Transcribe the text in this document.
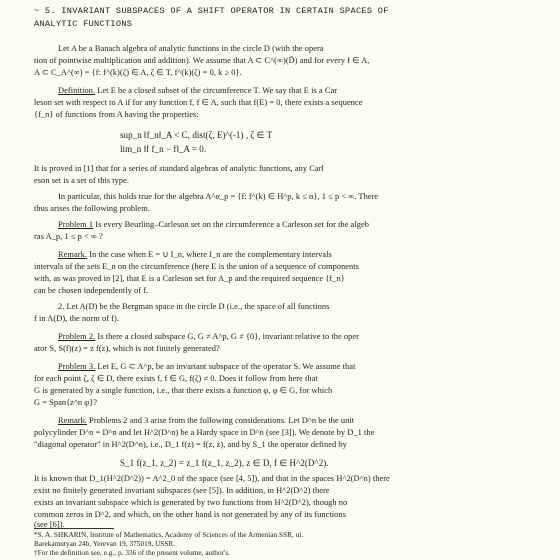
~ 5. INVARIANT SUBSPACES OF A SHIFT OPERATOR IN CERTAIN SPACES OF
ANALYTIC FUNCTIONS
Let A be a Banach algebra of analytic functions in the circle D (with the opera
tion of pointwise multiplication and addition). We assume that A ⊂ C^(∞)(D̄) and for every f ∈ A,
A ⊂ C_A^(∞) = {f: f^(k)(ζ) ∈ A, ζ ∈ T, f^(k)(ζ) = 0, k ≥ 0}.
Definition. Let E be a closed subset of the circumference T. We say that E is a Car
leson set with respect to A if for any function f, f ∈ A, such that f(E) = 0, there exists a sequence
{f_n} of functions from A having the properties:
sup_n ‖f_n‖_A < C, dist(ζ, E)^(-1) , ζ ∈ T
lim_n ‖f f_n − f‖_A = 0.
It is proved in [1] that for a series of standard algebras of analytic functions, any Carl
eson set is a set of this type.
In particular, this holds true for the algebra A^α_p = {f: f^(k) ∈ H^p, k ≤ α}, 1 ≤ p < ∞. There
thus arises the following problem.
Problem 1 Is every Beurling–Carleson set on the circumference a Carleson set for the algeb
ras A_p, 1 ≤ p < ∞ ?
Remark. In the case when E = ∪ I_n, where I_n are the complementary intervals
intervals of the sets E_n on the circumference (here E is the union of a sequence of components
with, as was proved in [2], that E is a Carleson set for A_p and the required sequence {f_n}
can be chosen independently of f.
2. Let A(D) be the Bergman space in the circle D (i.e., the space of all functions
f in A(D), the norm of f).
Problem 2. Is there a closed subspace G, G ≠ A^p, G ≠ {0}, invariant relative to the oper
ator S, S(f)(z) = z f(z), which is not finitely generated?
Problem 3. Let E, G ⊂ A^p, be an invariant subspace of the operator S. We assume that
for each point ζ, ζ ∈ D, there exists f, f ∈ G, f(ζ) ≠ 0. Does it follow from here that
G is generated by a single function, i.e., that there exists a function φ, φ ∈ G, for which
G = Span{z^n φ}?
Remark. Problems 2 and 3 arise from the following considerations. Let D^n be the unit
polycylinder D^n = D^n and let H^2(D^n) be a Hardy space in D^n (see [3]). We denote by D_1 the
"diagonal operator" in H^2(D^n), i.e., D_1 f(z) = f(z, z), and by S_1 the operator defined by
S_1 f(z_1, z_2) = z_1 f(z_1, z_2), z ∈ D, f ∈ H^2(D^2).
It is known that D_1(H^2(D^2)) = A^2_0 of the space (see [4, 5]), and that in the spaces H^2(D^n) there
exist no finitely generated invariant subspaces (see [5]). In addition, in H^2(D^2) there
exists an invariant subspace which is generated by two functions from H^2(D^2), though no
common zeros in D^2, and which, on the other hand is not generated by any of its functions
(see [6]).
*S. A. SHKARIN, Institute of Mathematics, Academy of Sciences of the Armenian SSR, ul.
Barekamutyan 24b, Yerevan 19, 375019, USSR.
†For the definition see, e.g., p. 336 of the present volume, author's.
